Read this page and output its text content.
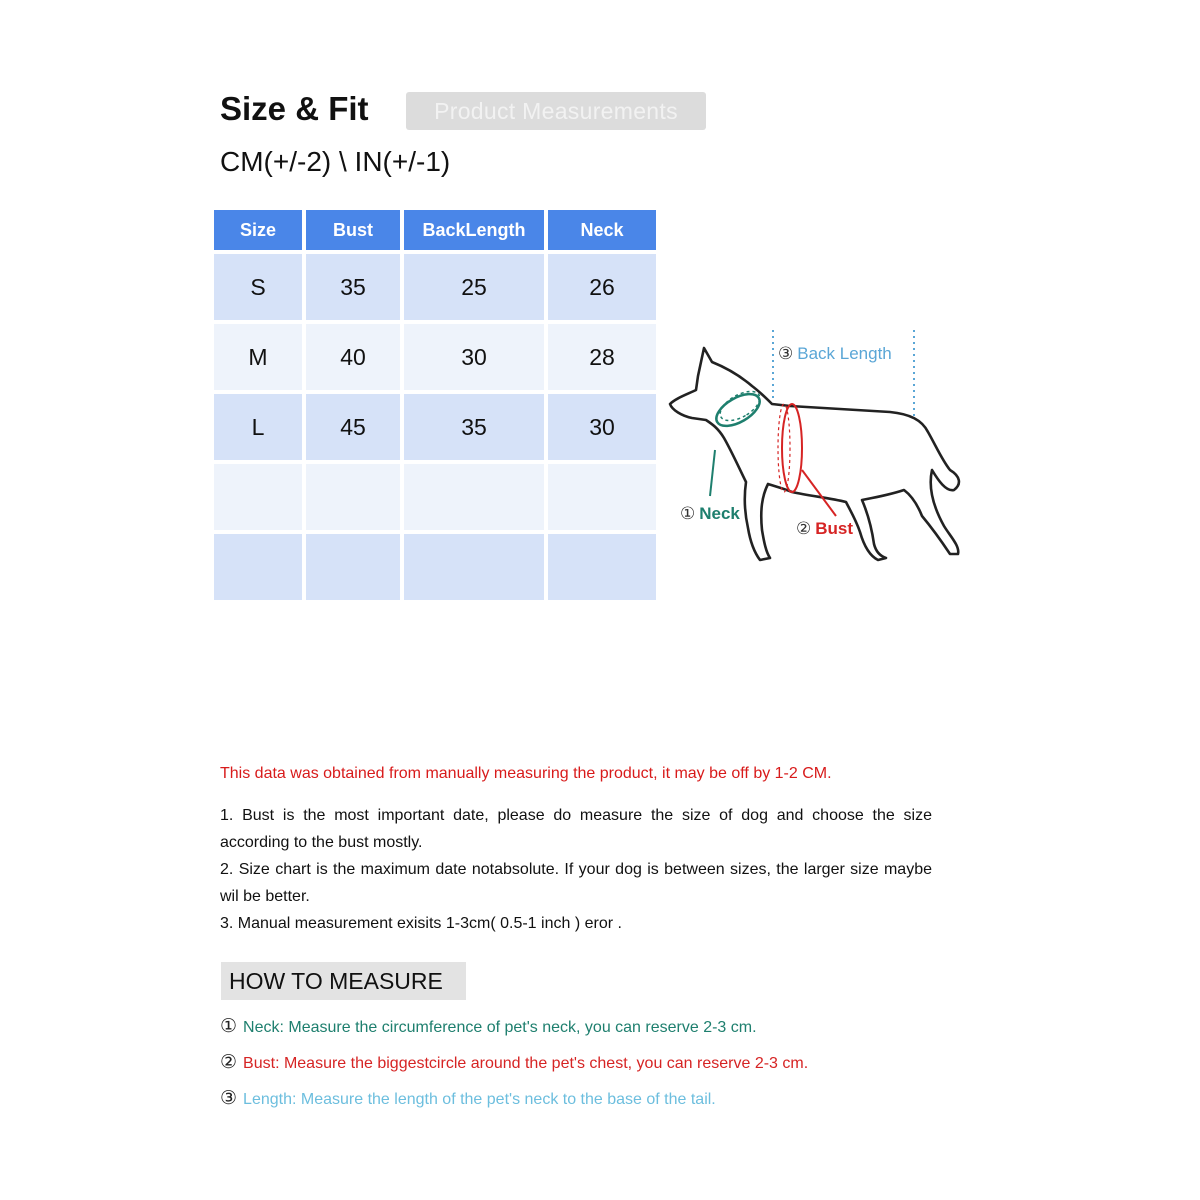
Size & Fit	Product Measurements
CM(+/-2) \ IN(+/-1)
Size	Bust	BackLength	Neck
S	35	25	26
M	40	30	28
L	45	35	30

③ Back Length
① Neck
② Bust
This data was obtained from manually measuring the product, it may be off by 1-2 CM.

1. Bust is the most important date, please do measure the size of dog and choose the size according to the bust mostly.

2. Size chart is the maximum date notabsolute. If your dog is between sizes, the larger size maybe wil be better.

3. Manual measurement exisits 1-3cm( 0.5-1 inch ) eror .

HOW TO MEASURE
① Neck: Measure the circumference of pet's neck, you can reserve 2-3 cm.
② Bust: Measure the biggestcircle around the pet's chest, you can reserve 2-3 cm.
③ Length: Measure the length of the pet's neck to the base of the tail.
